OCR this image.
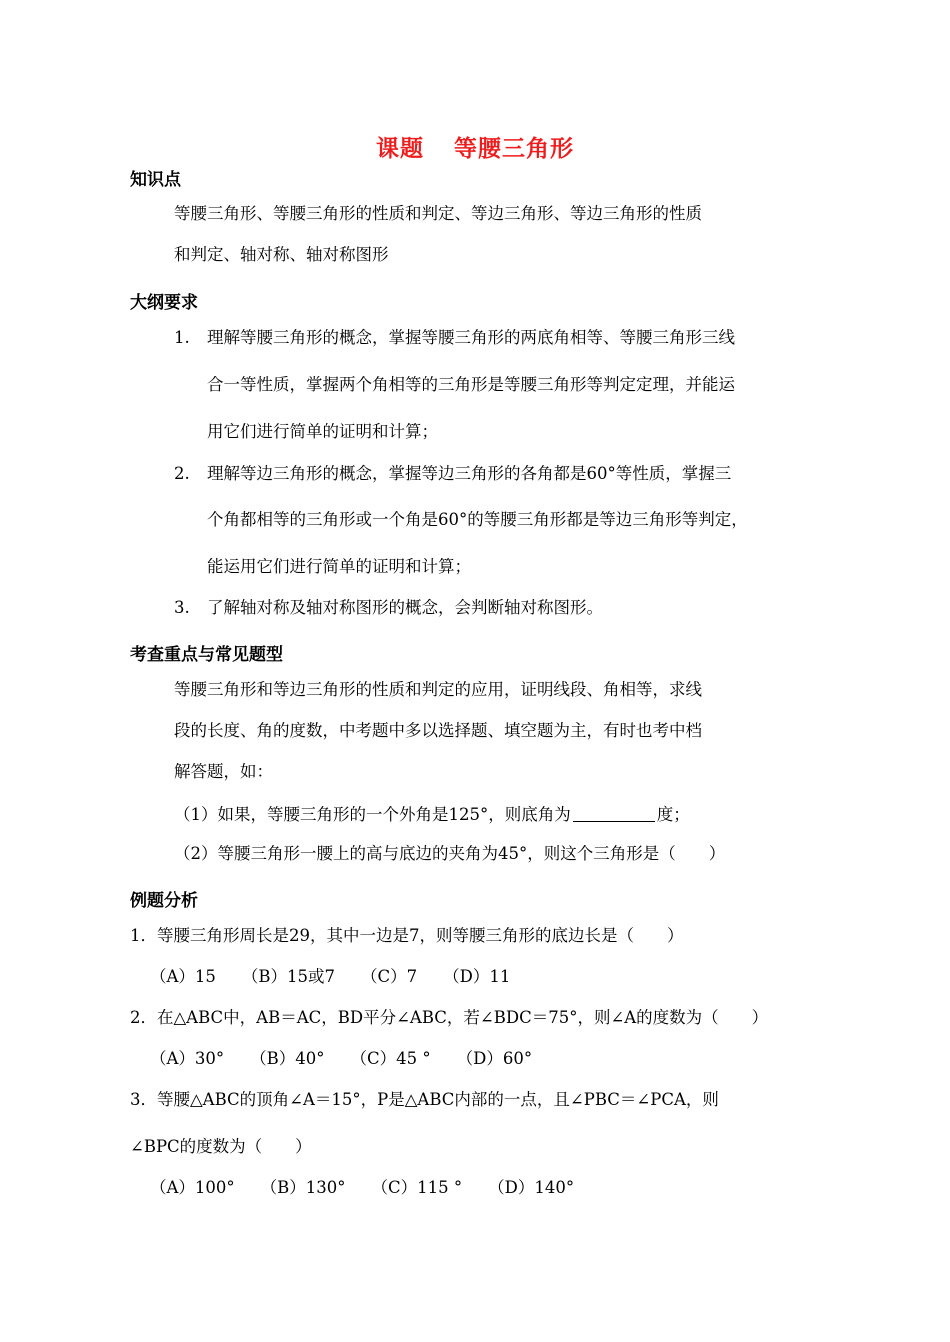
课题 等腰三角形
知识点
等腰三角形、等腰三角形的性质和判定、等边三角形、等边三角形的性质
和判定、轴对称、轴对称图形
大纲要求
1. 理解等腰三角形的概念，掌握等腰三角形的两底角相等、等腰三角形三线
合一等性质，掌握两个角相等的三角形是等腰三角形等判定定理，并能运
用它们进行简单的证明和计算；
2. 理解等边三角形的概念，掌握等边三角形的各角都是60°等性质，掌握三
个角都相等的三角形或一个角是60°的等腰三角形都是等边三角形等判定，
能运用它们进行简单的证明和计算；
3. 了解轴对称及轴对称图形的概念，会判断轴对称图形。
考查重点与常见题型
等腰三角形和等边三角形的性质和判定的应用，证明线段、角相等，求线
段的长度、角的度数，中考题中多以选择题、填空题为主，有时也考中档
解答题，如：
（1）如果，等腰三角形的一个外角是125°，则底角为	度；
（2）等腰三角形一腰上的高与底边的夹角为45°，则这个三角形是（　　）
例题分析
1．等腰三角形周长是29，其中一边是7，则等腰三角形的底边长是（　　）
（A）15 （B）15或7 （C）7 （D）11
2．在△ABC中，AB＝AC，BD平分∠ABC，若∠BDC＝75°，则∠A的度数为（　　）
（A）30° （B）40° （C）45 ° （D）60°
3．等腰△ABC的顶角∠A＝15°，P是△ABC内部的一点，且∠PBC＝∠PCA，则
∠BPC的度数为（　　）
（A）100° （B）130° （C）115 ° （D）140°
